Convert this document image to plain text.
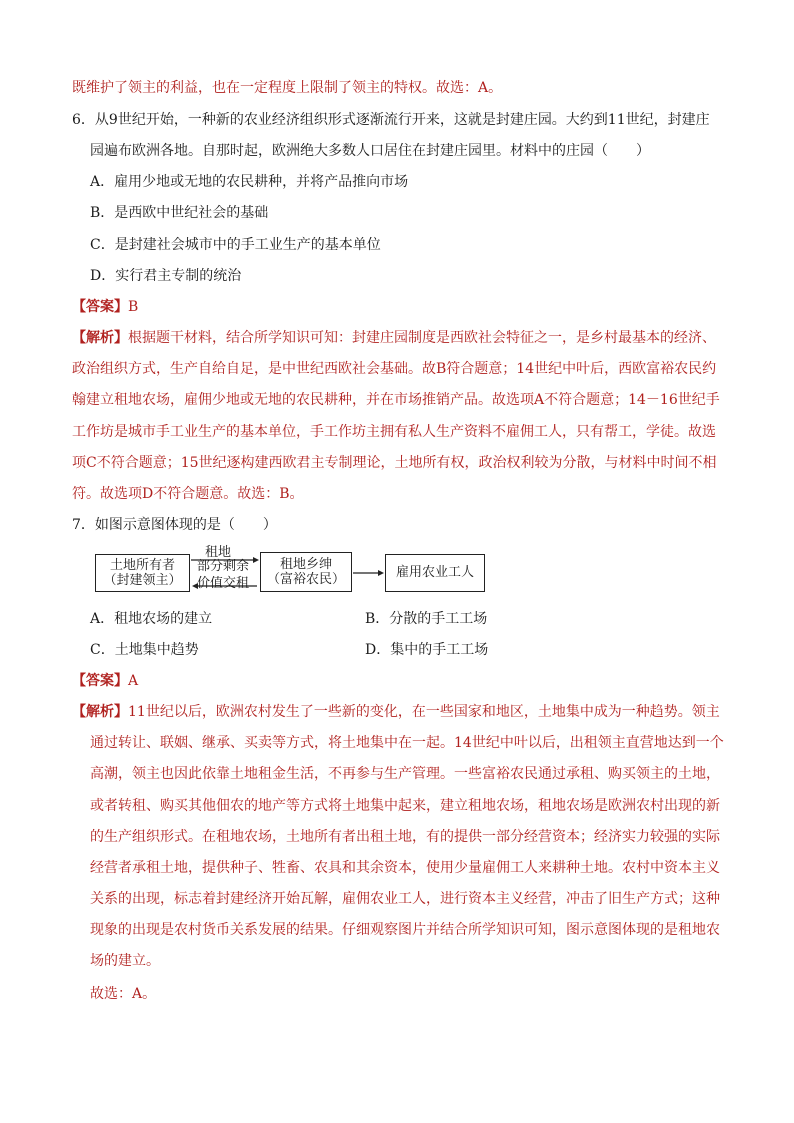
既维护了领主的利益，也在一定程度上限制了领主的特权。故选：A。
6．从9世纪开始，一种新的农业经济组织形式逐渐流行开来，这就是封建庄园。大约到11世纪，封建庄
园遍布欧洲各地。自那时起，欧洲绝大多数人口居住在封建庄园里。材料中的庄园（　　）
A．雇用少地或无地的农民耕种，并将产品推向市场
B．是西欧中世纪社会的基础
C．是封建社会城市中的手工业生产的基本单位
D．实行君主专制的统治
【答案】B
【解析】根据题干材料，结合所学知识可知：封建庄园制度是西欧社会特征之一，是乡村最基本的经济、
政治组织方式，生产自给自足，是中世纪西欧社会基础。故B符合题意；14世纪中叶后，西欧富裕农民约
翰建立租地农场，雇佣少地或无地的农民耕种，并在市场推销产品。故选项A不符合题意；14－16世纪手
工作坊是城市手工业生产的基本单位，手工作坊主拥有私人生产资料不雇佣工人，只有帮工，学徒。故选
项C不符合题意；15世纪逐构建西欧君主专制理论，土地所有权，政治权利较为分散，与材料中时间不相
符。故选项D不符合题意。故选：B。
7．如图示意图体现的是（　　）
土地所有者
（封建领主）
租地
部分剩余
价值交租
租地乡绅
（富裕农民）	雇用农业工人
A．租地农场的建立	B．分散的手工工场
C．土地集中趋势	D．集中的手工工场
【答案】A
【解析】11世纪以后，欧洲农村发生了一些新的变化，在一些国家和地区，土地集中成为一种趋势。领主
通过转让、联姻、继承、买卖等方式，将土地集中在一起。14世纪中叶以后，出租领主直营地达到一个
高潮，领主也因此依靠土地租金生活，不再参与生产管理。一些富裕农民通过承租、购买领主的土地，
或者转租、购买其他佃农的地产等方式将土地集中起来，建立租地农场，租地农场是欧洲农村出现的新
的生产组织形式。在租地农场，土地所有者出租土地，有的提供一部分经营资本；经济实力较强的实际
经营者承租土地，提供种子、牲畜、农具和其余资本，使用少量雇佣工人来耕种土地。农村中资本主义
关系的出现，标志着封建经济开始瓦解，雇佣农业工人，进行资本主义经营，冲击了旧生产方式；这种
现象的出现是农村货币关系发展的结果。仔细观察图片并结合所学知识可知，图示意图体现的是租地农
场的建立。
故选：A。
